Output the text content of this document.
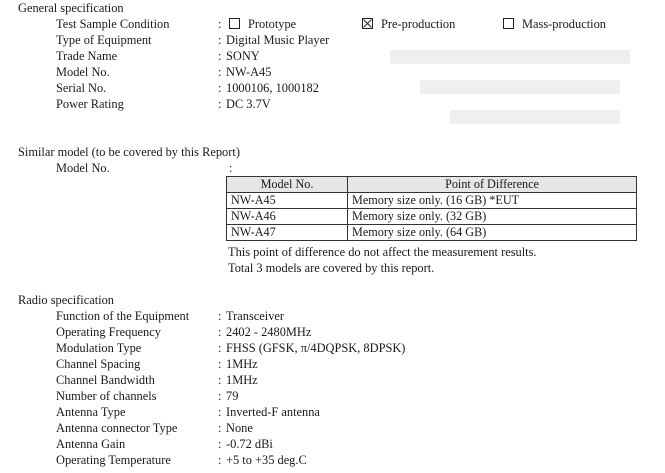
General specification
Test Sample Condition	:	Prototype	Pre-production	Mass-production
Type of Equipment	: Digital Music Player
Trade Name	: SONY
Model No.	: NW-A45
Serial No.	: 1000106, 1000182
Power Rating	: DC 3.7V
Similar model (to be covered by this Report)
Model No.	:
Model No.	Point of Difference
NW-A45	Memory size only. (16 GB) *EUT
NW-A46	Memory size only. (32 GB)
NW-A47	Memory size only. (64 GB)
This point of difference do not affect the measurement results.
Total 3 models are covered by this report.
Radio specification
Function of the Equipment : Transceiver
Operating Frequency	: 2402 - 2480MHz
Modulation Type	: FHSS (GFSK, π/4DQPSK, 8DPSK)
Channel Spacing	: 1MHz
Channel Bandwidth	: 1MHz
Number of channels	: 79
Antenna Type	: Inverted-F antenna
Antenna connector Type	: None
Antenna Gain	: -0.72 dBi
Operating Temperature	: +5 to +35 deg.C
